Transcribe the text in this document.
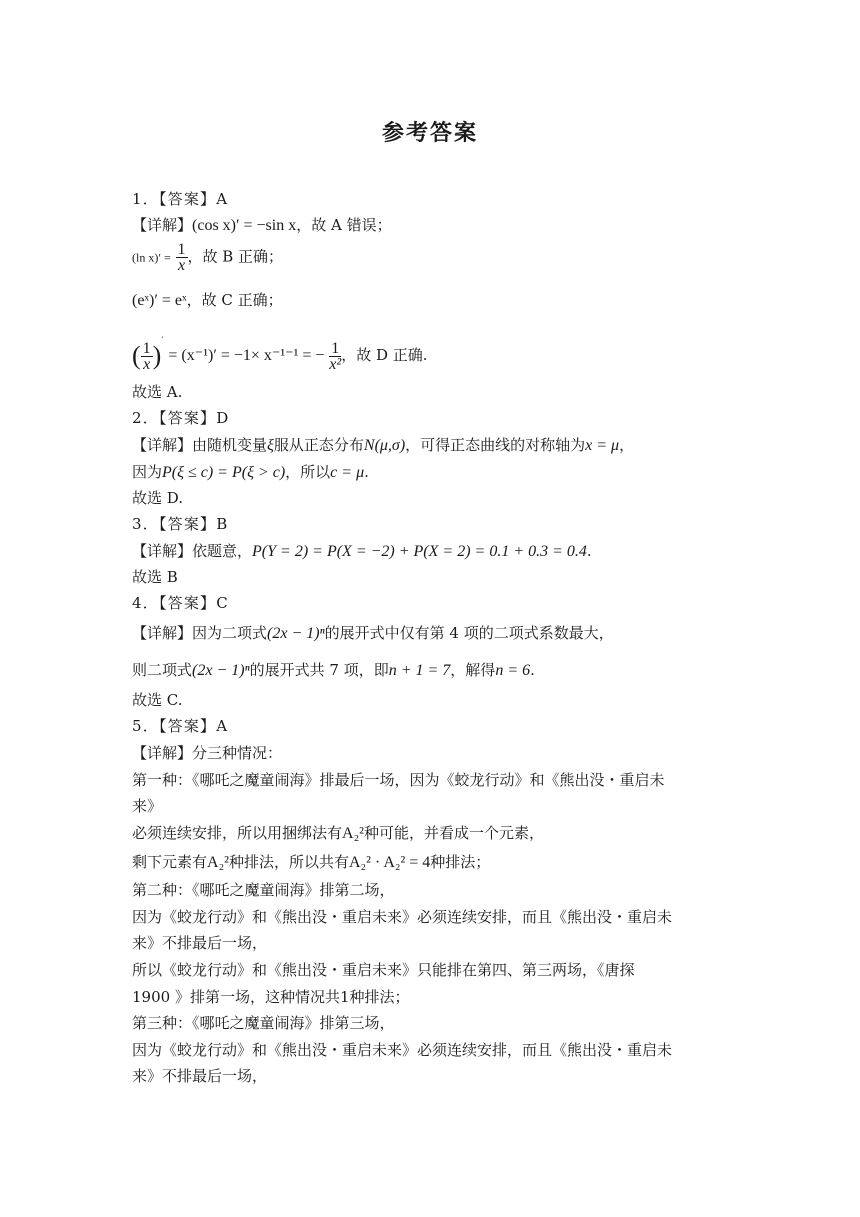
参考答案
1．【答案】A
【详解】(cos x)′ = −sin x，故 A 错误；
(ln $x)' = \frac{1}{x}$ ，故 B 正确；
(eˣ)′ = eˣ，故 C 正确；
( $\frac{1}{x} )' = (x^{-1})' = -1\times x^{-1-1}$ = − $\frac{1}{\text{x²}}$ ，故 D 正确.
故选 A.
2．【答案】D
【详解】由随机变量ξ服从正态分布N(μ,σ)，可得正态曲线的对称轴为x = μ，
因为P(ξ ≤ c) = P(ξ > c)，所以c = μ.
故选 D.
3．【答案】B
【详解】依题意，P(Y = 2) = P(X = −2) + P(X = 2) = 0.1 + 0.3 = 0.4.
故选 B
4．【答案】C
【详解】因为二项式(2x − 1)ⁿ的展开式中仅有第 4 项的二项式系数最大，
则二项式(2x − 1)ⁿ的展开式共 7 项，即n + 1 = 7，解得n = 6.
故选 C.
5．【答案】A
【详解】分三种情况：
第一种：《哪吒之魔童闹海》排最后一场，因为《蛟龙行动》和《熊出没・重启未
来》
必须连续安排，所以用捆绑法有A₂²种可能，并看成一个元素，
剩下元素有A₂²种排法，所以共有A₂² · A₂² = 4种排法；
第二种：《哪吒之魔童闹海》排第二场，
因为《蛟龙行动》和《熊出没・重启未来》必须连续安排，而且《熊出没・重启未
来》不排最后一场，
所以《蛟龙行动》和《熊出没・重启未来》只能排在第四、第三两场，《唐探
1900 》排第一场，这种情况共1种排法；
第三种：《哪吒之魔童闹海》排第三场，
因为《蛟龙行动》和《熊出没・重启未来》必须连续安排，而且《熊出没・重启未
来》不排最后一场，
